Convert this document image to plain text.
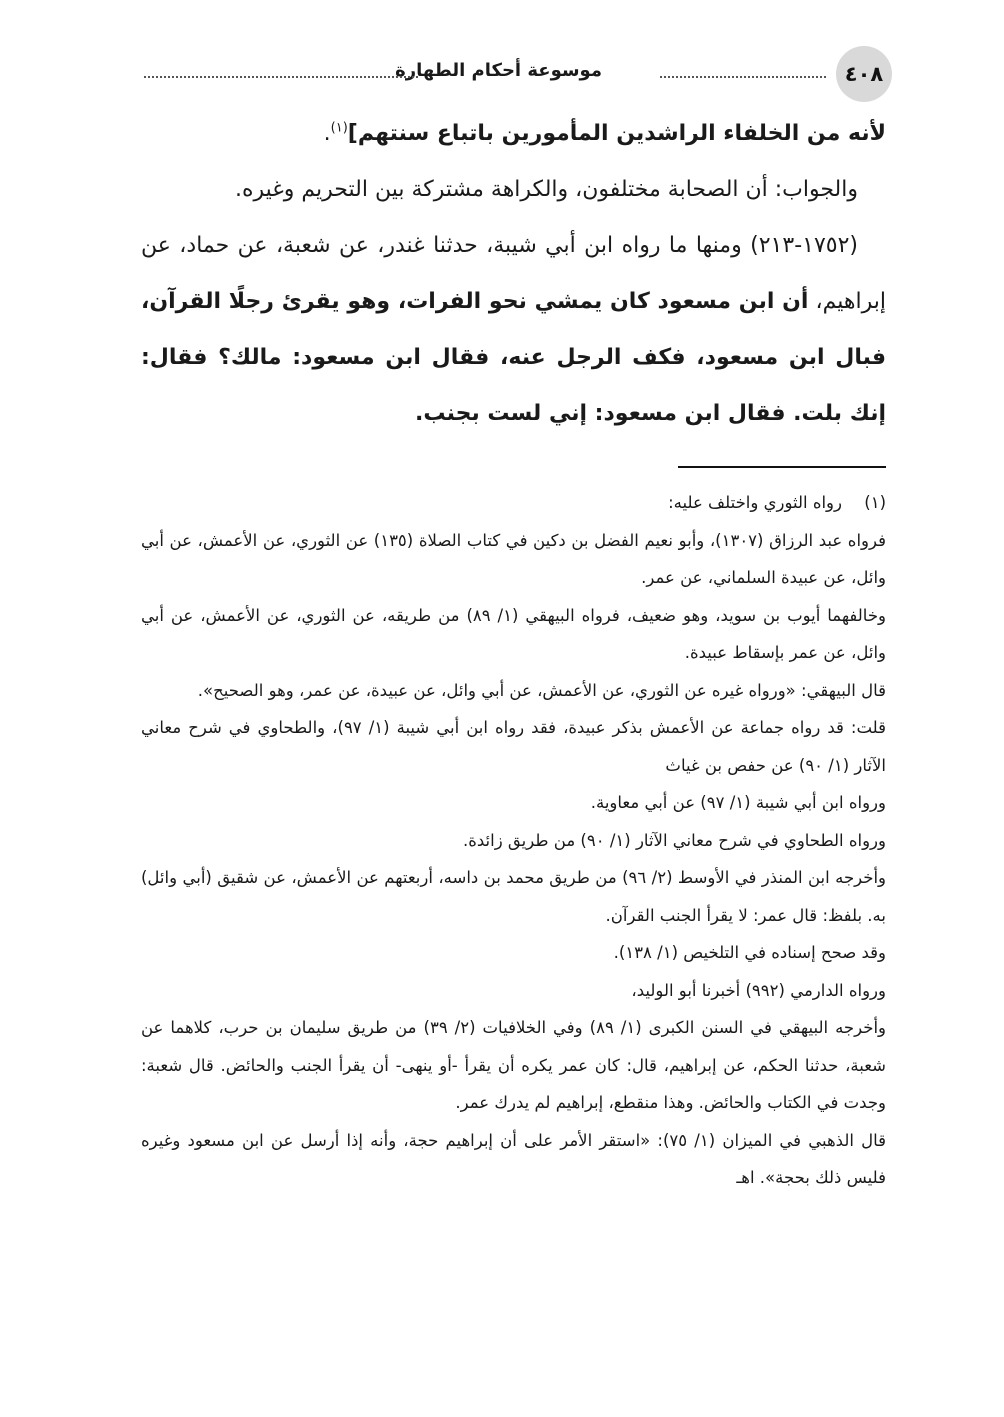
٤٠٨
موسوعة أحكام الطهارة

لأنه من الخلفاء الراشدين المأمورين باتباع سنتهم]$^{(١)}$.

والجواب: أن الصحابة مختلفون، والكراهة مشتركة بين التحريم وغيره.

(١٧٥٢-٢١٣) ومنها ما رواه ابن أبي شيبة، حدثنا غندر، عن شعبة، عن حماد، عن إبراهيم، أن ابن مسعود كان يمشي نحو الفرات، وهو يقرئ رجلًا القرآن، فبال ابن مسعود، فكف الرجل عنه، فقال ابن مسعود: مالك؟ فقال: إنك بلت. فقال ابن مسعود: إني لست بجنب.

(١)رواه الثوري واختلف عليه:

فرواه عبد الرزاق (١٣٠٧)، وأبو نعيم الفضل بن دكين في كتاب الصلاة (١٣٥) عن الثوري، عن الأعمش، عن أبي وائل، عن عبيدة السلماني، عن عمر.

وخالفهما أيوب بن سويد، وهو ضعيف، فرواه البيهقي (١/ ٨٩) من طريقه، عن الثوري، عن الأعمش، عن أبي وائل، عن عمر بإسقاط عبيدة.

قال البيهقي: «ورواه غيره عن الثوري، عن الأعمش، عن أبي وائل، عن عبيدة، عن عمر، وهو الصحيح».

قلت: قد رواه جماعة عن الأعمش بذكر عبيدة، فقد رواه ابن أبي شيبة (١/ ٩٧)، والطحاوي في شرح معاني الآثار (١/ ٩٠) عن حفص بن غياث

ورواه ابن أبي شيبة (١/ ٩٧) عن أبي معاوية.

ورواه الطحاوي في شرح معاني الآثار (١/ ٩٠) من طريق زائدة.

وأخرجه ابن المنذر في الأوسط (٢/ ٩٦) من طريق محمد بن داسه، أربعتهم عن الأعمش، عن شقيق (أبي وائل) به. بلفظ: قال عمر: لا يقرأ الجنب القرآن.

وقد صحح إسناده في التلخيص (١/ ١٣٨).

ورواه الدارمي (٩٩٢) أخبرنا أبو الوليد،

وأخرجه البيهقي في السنن الكبرى (١/ ٨٩) وفي الخلافيات (٢/ ٣٩) من طريق سليمان بن حرب، كلاهما عن شعبة، حدثنا الحكم، عن إبراهيم، قال: كان عمر يكره أن يقرأ -أو ينهى- أن يقرأ الجنب والحائض. قال شعبة: وجدت في الكتاب والحائض. وهذا منقطع، إبراهيم لم يدرك عمر.

قال الذهبي في الميزان (١/ ٧٥): «استقر الأمر على أن إبراهيم حجة، وأنه إذا أرسل عن ابن مسعود وغيره فليس ذلك بحجة». اهـ
